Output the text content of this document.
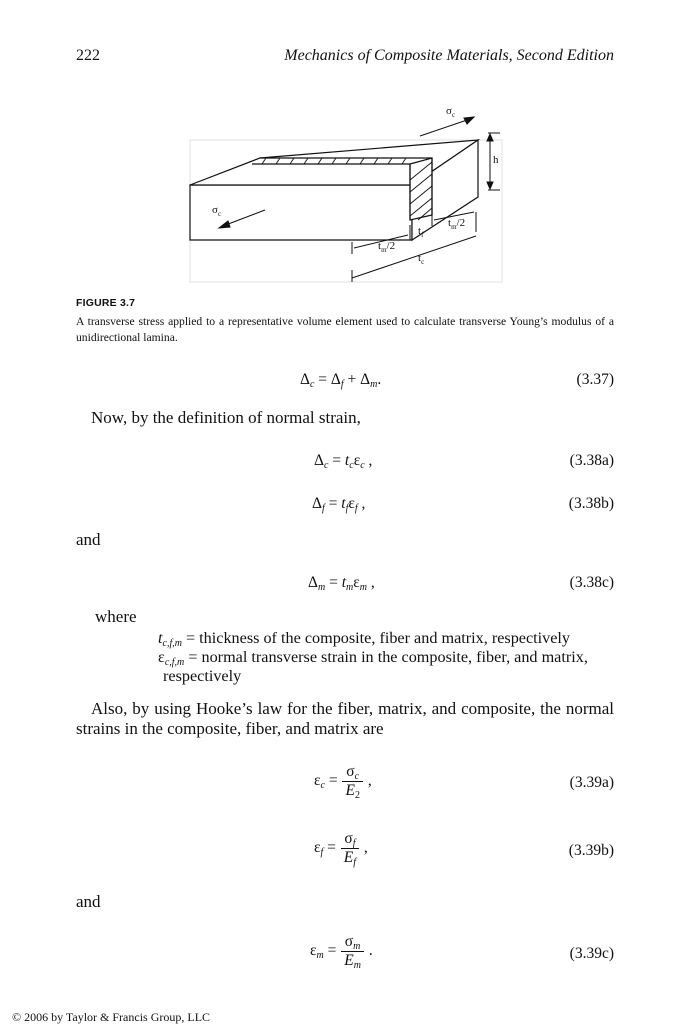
222	Mechanics of Composite Materials, Second Edition
$\sigma_c$
$\sigma_c$
h
$t_f$
$t_m/2$
$t_m/2$
$t_c$
FIGURE 3.7
A transverse stress applied to a representative volume element used to calculate transverse Young’s modulus of a unidirectional lamina.
$\Delta_c = \Delta_f + \Delta_m$.	(3.37)
Now, by the definition of normal strain,
$\Delta_c = t_c\varepsilon_c$ ,	(3.38a)
$\Delta_f = t_f\varepsilon_f$ ,	(3.38b)
and
$\Delta_m = t_m\varepsilon_m$ ,	(3.38c)
where
$t_{c,f,m}$ = thickness of the composite, fiber and matrix, respectively
$\varepsilon_{c,f,m}$ = normal transverse strain in the composite, fiber, and matrix, respectively
Also, by using Hooke’s law for the fiber, matrix, and composite, the normal strains in the composite, fiber, and matrix are
$\varepsilon_c = \frac{\sigma_c}{E_2}$ ,	(3.39a)
$\varepsilon_f = \frac{\sigma_f}{E_f}$ ,	(3.39b)
and
$\varepsilon_m = \frac{\sigma_m}{E_m}$ .	(3.39c)
© 2006 by Taylor & Francis Group, LLC
